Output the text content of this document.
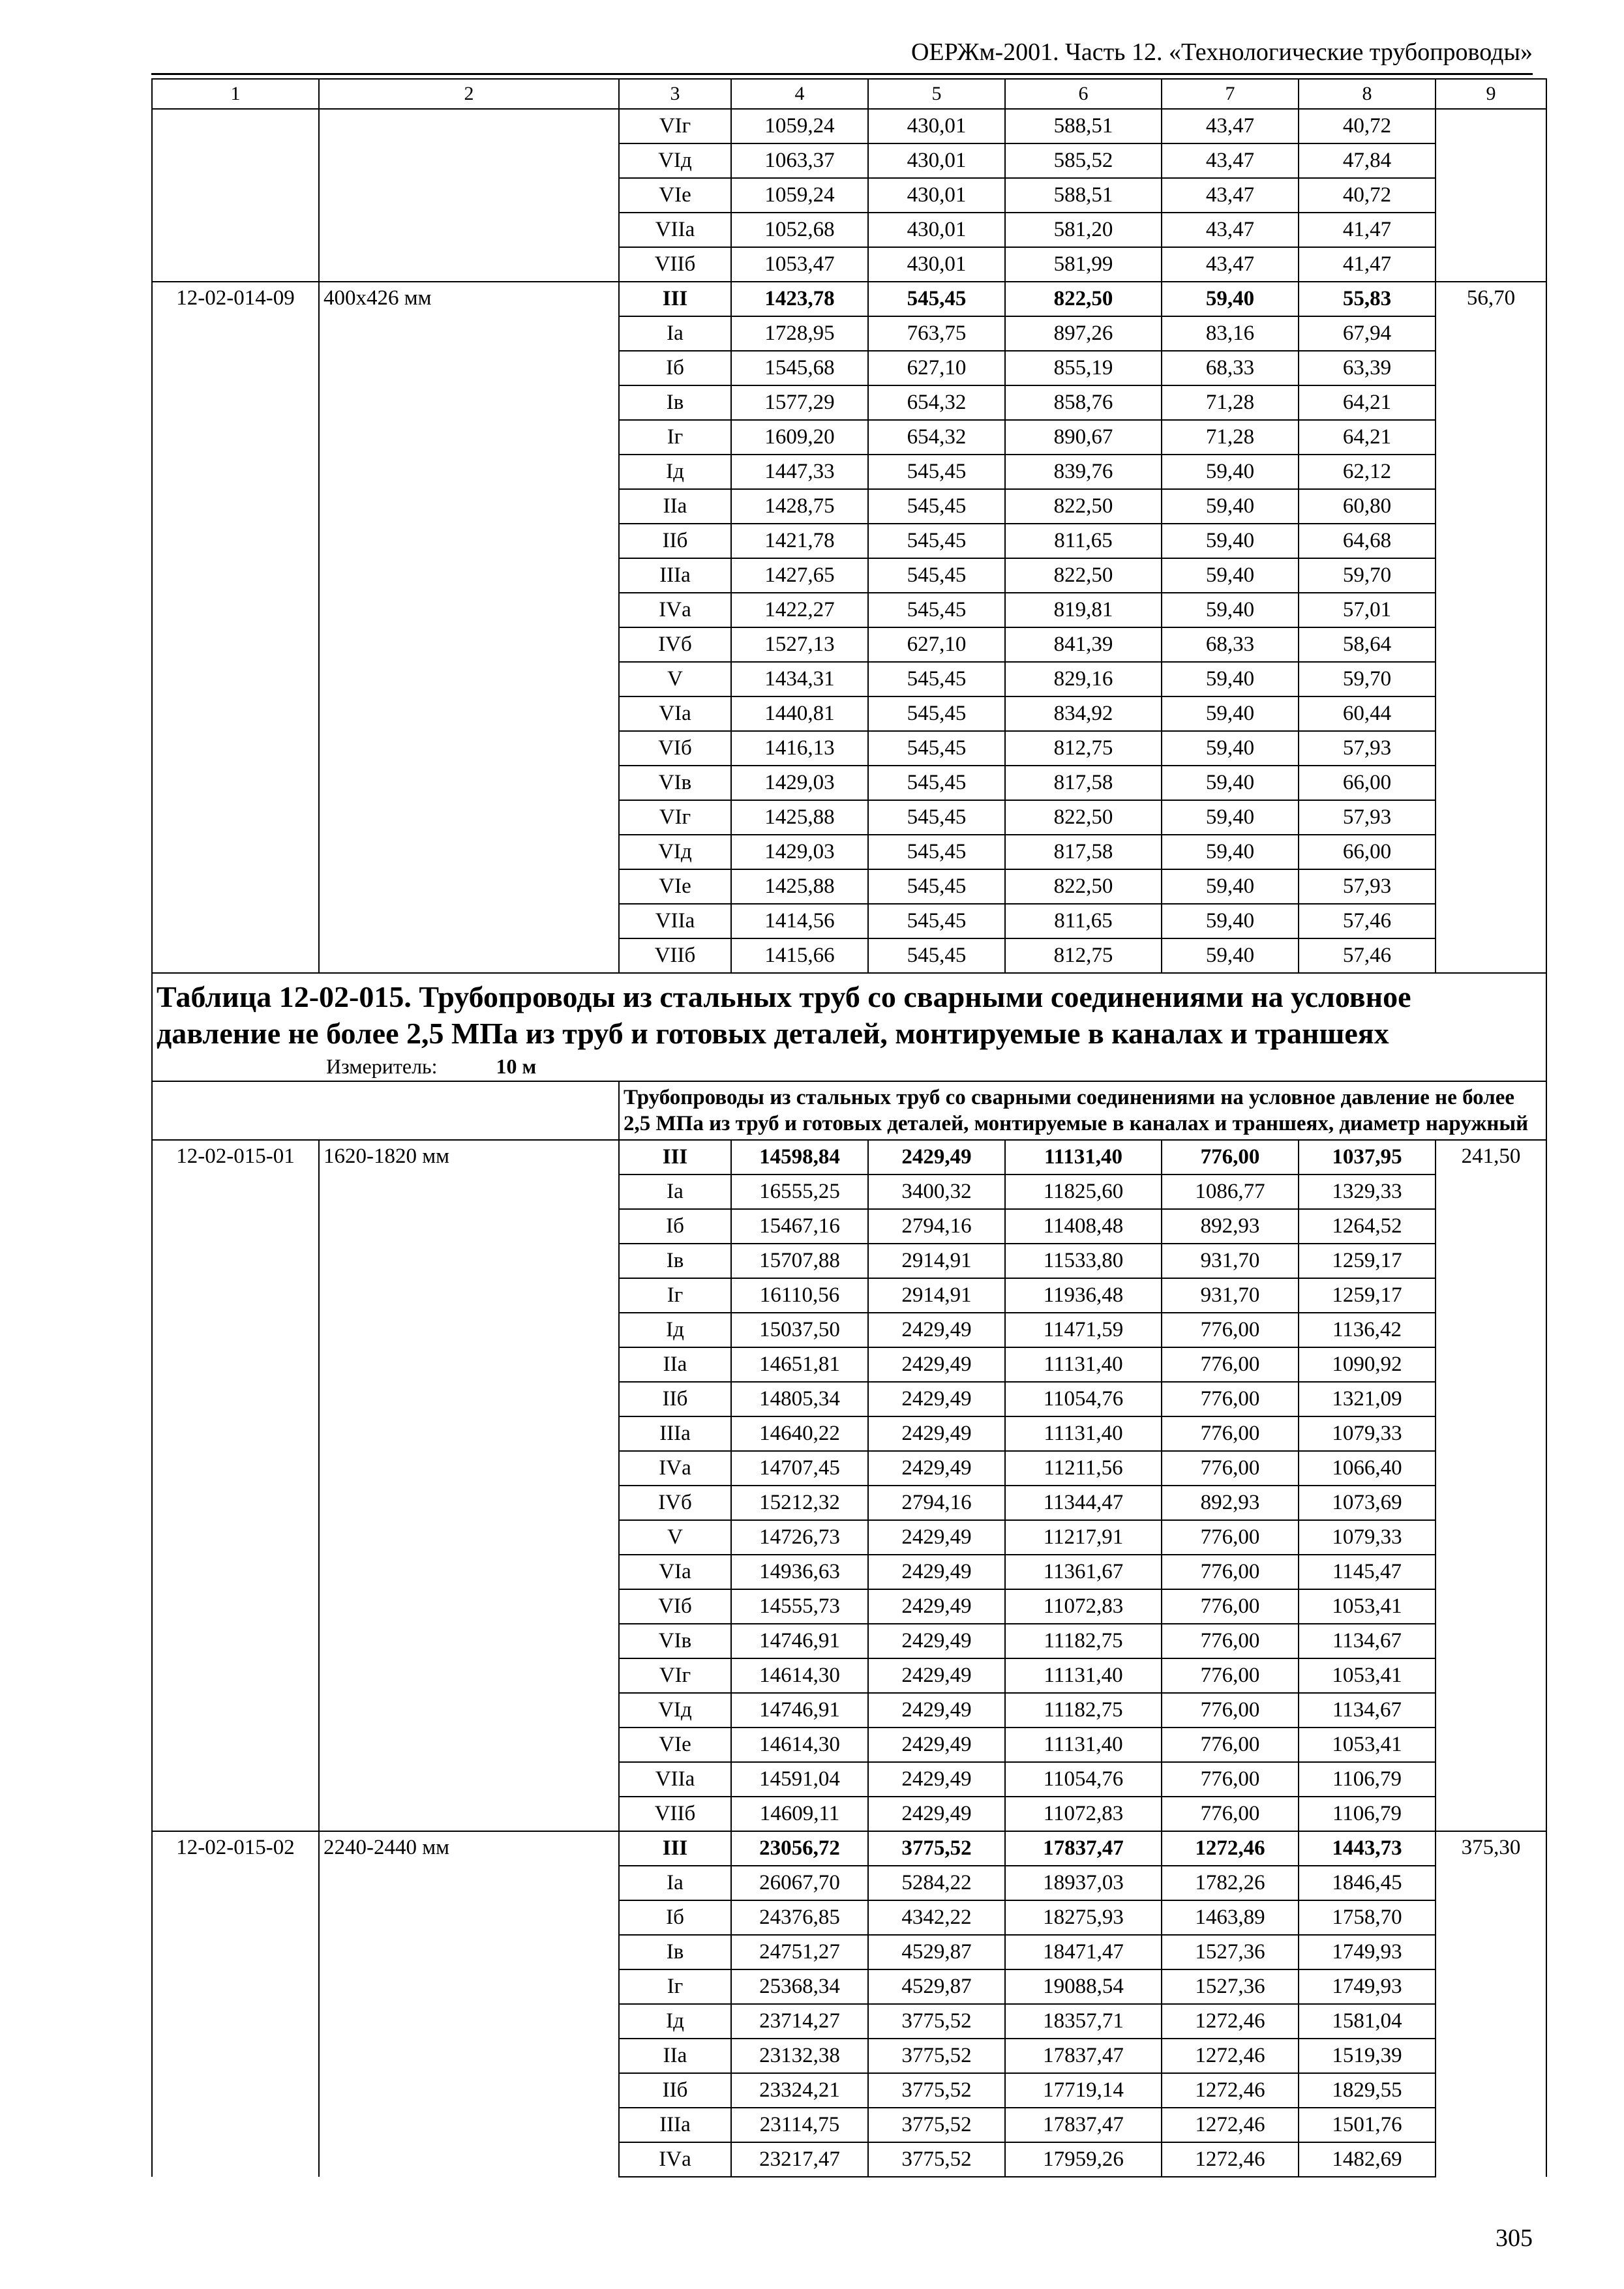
ОЕРЖм-2001. Часть 12. «Технологические трубопроводы»
1	2	3	4	5	6	7	8	9
		VIг	1059,24	430,01	588,51	43,47	40,72	
		VIд	1063,37	430,01	585,52	43,47	47,84	
		VIе	1059,24	430,01	588,51	43,47	40,72	
		VIIа	1052,68	430,01	581,20	43,47	41,47	
		VIIб	1053,47	430,01	581,99	43,47	41,47	
12-02-014-09	400х426 мм	III	1423,78	545,45	822,50	59,40	55,83	56,70
		Iа	1728,95	763,75	897,26	83,16	67,94	
		Iб	1545,68	627,10	855,19	68,33	63,39	
		Iв	1577,29	654,32	858,76	71,28	64,21	
		Iг	1609,20	654,32	890,67	71,28	64,21	
		Iд	1447,33	545,45	839,76	59,40	62,12	
		IIа	1428,75	545,45	822,50	59,40	60,80	
		IIб	1421,78	545,45	811,65	59,40	64,68	
		IIIа	1427,65	545,45	822,50	59,40	59,70	
		IVа	1422,27	545,45	819,81	59,40	57,01	
		IVб	1527,13	627,10	841,39	68,33	58,64	
		V	1434,31	545,45	829,16	59,40	59,70	
		VIа	1440,81	545,45	834,92	59,40	60,44	
		VIб	1416,13	545,45	812,75	59,40	57,93	
		VIв	1429,03	545,45	817,58	59,40	66,00	
		VIг	1425,88	545,45	822,50	59,40	57,93	
		VIд	1429,03	545,45	817,58	59,40	66,00	
		VIе	1425,88	545,45	822,50	59,40	57,93	
		VIIа	1414,56	545,45	811,65	59,40	57,46	
		VIIб	1415,66	545,45	812,75	59,40	57,46	
Таблица 12-02-015. Трубопроводы из стальных труб со сварными соединениями на условное давление не более 2,5 МПа из труб и готовых деталей, монтируемые в каналах и траншеях
Измеритель: 10 м								

		Трубопроводы из стальных труб со сварными соединениями на условное давление не более 2,5 МПа из труб и готовых деталей, монтируемые в каналах и траншеях, диаметр наружный						
12-02-015-01	1620-1820 мм	III	14598,84	2429,49	11131,40	776,00	1037,95	241,50
		Iа	16555,25	3400,32	11825,60	1086,77	1329,33	
		Iб	15467,16	2794,16	11408,48	892,93	1264,52	
		Iв	15707,88	2914,91	11533,80	931,70	1259,17	
		Iг	16110,56	2914,91	11936,48	931,70	1259,17	
		Iд	15037,50	2429,49	11471,59	776,00	1136,42	
		IIа	14651,81	2429,49	11131,40	776,00	1090,92	
		IIб	14805,34	2429,49	11054,76	776,00	1321,09	
		IIIа	14640,22	2429,49	11131,40	776,00	1079,33	
		IVа	14707,45	2429,49	11211,56	776,00	1066,40	
		IVб	15212,32	2794,16	11344,47	892,93	1073,69	
		V	14726,73	2429,49	11217,91	776,00	1079,33	
		VIа	14936,63	2429,49	11361,67	776,00	1145,47	
		VIб	14555,73	2429,49	11072,83	776,00	1053,41	
		VIв	14746,91	2429,49	11182,75	776,00	1134,67	
		VIг	14614,30	2429,49	11131,40	776,00	1053,41	
		VIд	14746,91	2429,49	11182,75	776,00	1134,67	
		VIе	14614,30	2429,49	11131,40	776,00	1053,41	
		VIIа	14591,04	2429,49	11054,76	776,00	1106,79	
		VIIб	14609,11	2429,49	11072,83	776,00	1106,79	
12-02-015-02	2240-2440 мм	III	23056,72	3775,52	17837,47	1272,46	1443,73	375,30
		Iа	26067,70	5284,22	18937,03	1782,26	1846,45	
		Iб	24376,85	4342,22	18275,93	1463,89	1758,70	
		Iв	24751,27	4529,87	18471,47	1527,36	1749,93	
		Iг	25368,34	4529,87	19088,54	1527,36	1749,93	
		Iд	23714,27	3775,52	18357,71	1272,46	1581,04	
		IIа	23132,38	3775,52	17837,47	1272,46	1519,39	
		IIб	23324,21	3775,52	17719,14	1272,46	1829,55	
		IIIа	23114,75	3775,52	17837,47	1272,46	1501,76	
		IVа	23217,47	3775,52	17959,26	1272,46	1482,69	
305
